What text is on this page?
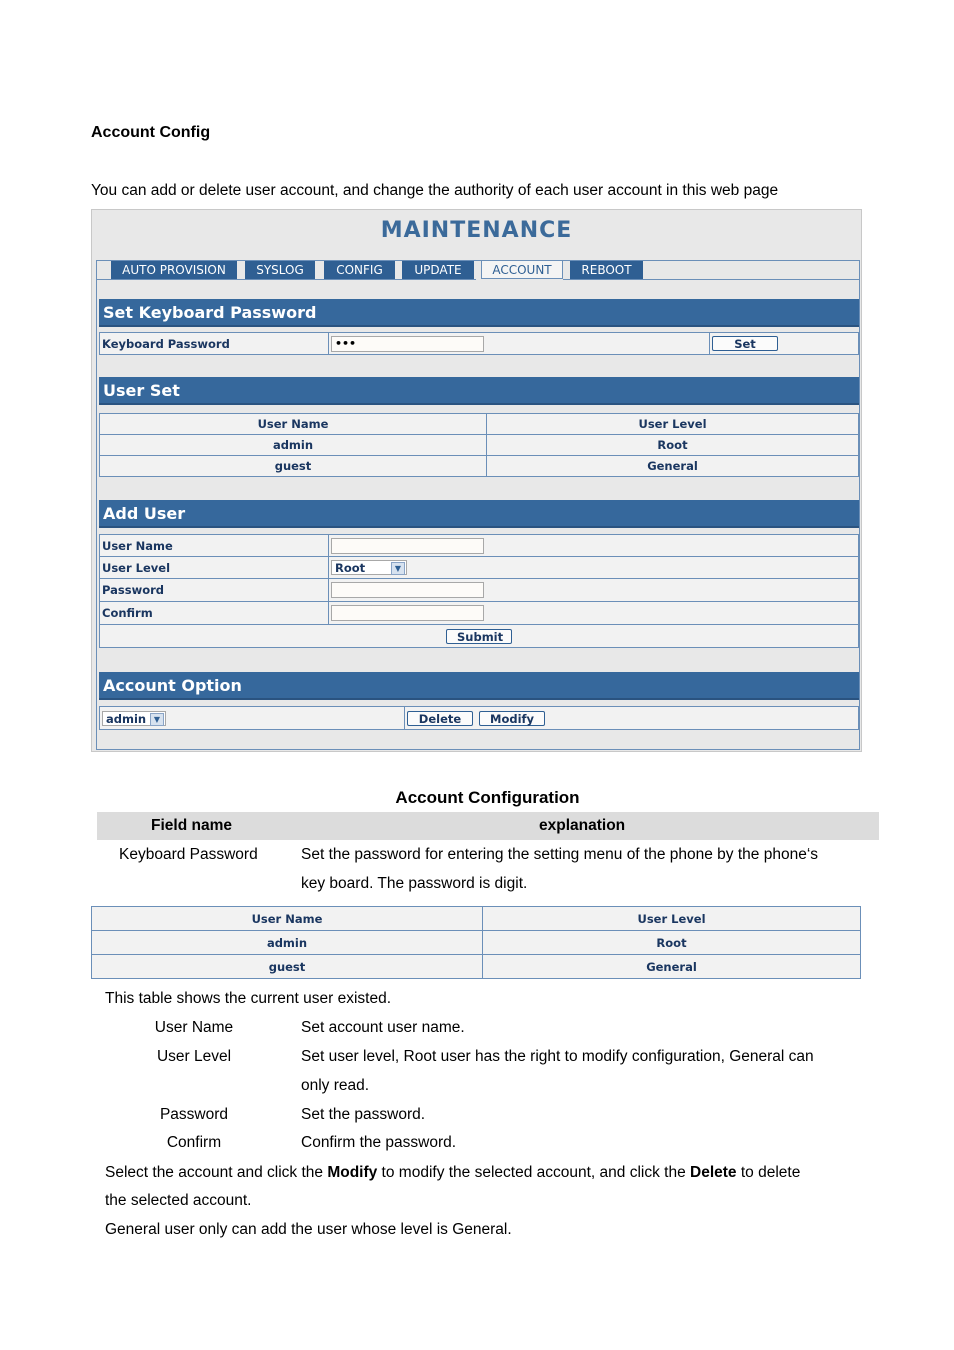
Account Config
You can add or delete user account, and change the authority of each user account in this web page
MAINTENANCE
AUTO PROVISION	SYSLOG	CONFIG	UPDATE	ACCOUNT	REBOOT
Set Keyboard Password
Keyboard Password	•••	Set
User Set
User Name	User Level
admin	Root
guest	General
Add User
User Name	
User Level	Root ▼

Password	
Confirm	
Submit	
Account Option
admin ▼	Delete	Modify
Account Configuration
Field name	explanation
Keyboard Password	Set the password for entering the setting menu of the phone by the phone‘s
key board. The password is digit.
User Name	User Level
admin	Root
guest	General
This table shows the current user existed.
User Name	Set account user name.
User Level	Set user level, Root user has the right to modify configuration, General can
only read.
Password	Set the password.
Confirm	Confirm the password.
Select the account and click the Modify to modify the selected account, and click the Delete to delete
the selected account.
General user only can add the user whose level is General.
